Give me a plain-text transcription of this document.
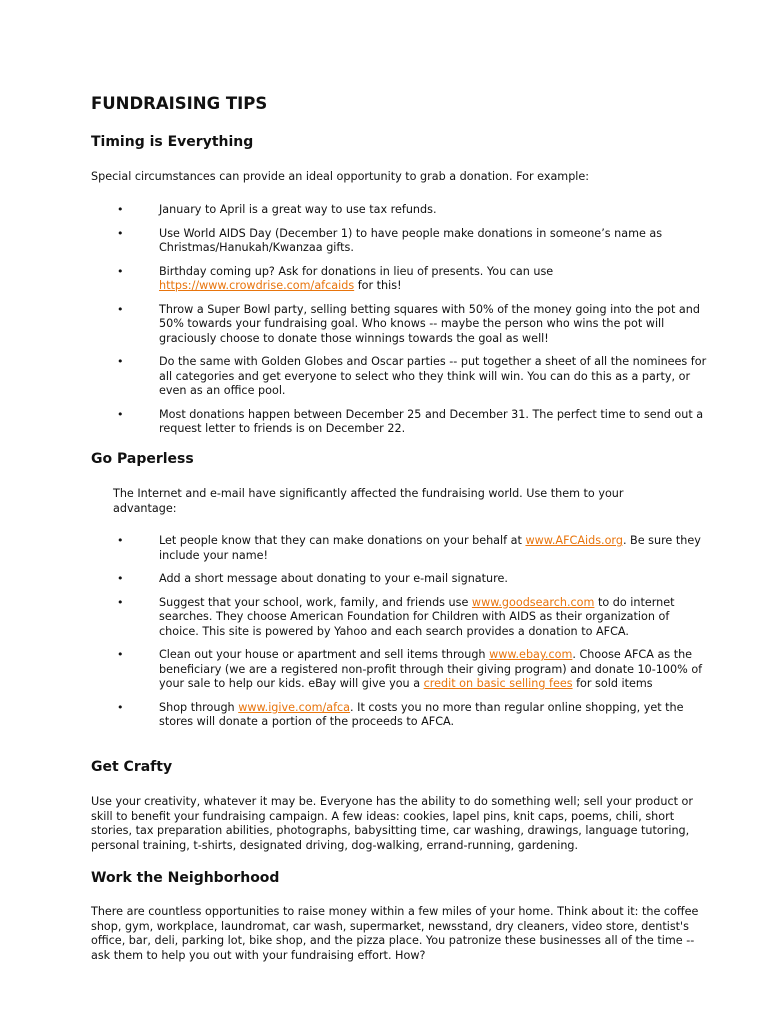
FUNDRAISING TIPS
Timing is Everything

Special circumstances can provide an ideal opportunity to grab a donation. For example:

• January to April is a great way to use tax refunds.
• Use World AIDS Day (December 1) to have people make donations in someone’s name as Christmas/Hanukah/Kwanzaa gifts.
• Birthday coming up? Ask for donations in lieu of presents. You can use https://www.crowdrise.com/afcaids for this!
• Throw a Super Bowl party, selling betting squares with 50% of the money going into the pot and 50% towards your fundraising goal. Who knows -- maybe the person who wins the pot will graciously choose to donate those winnings towards the goal as well!
• Do the same with Golden Globes and Oscar parties -- put together a sheet of all the nominees for all categories and get everyone to select who they think will win. You can do this as a party, or even as an office pool.
• Most donations happen between December 25 and December 31. The perfect time to send out a request letter to friends is on December 22.
Go Paperless

The Internet and e-mail have significantly affected the fundraising world. Use them to your advantage:

• Let people know that they can make donations on your behalf at www.AFCAids.org. Be sure they include your name!
• Add a short message about donating to your e-mail signature.
• Suggest that your school, work, family, and friends use www.goodsearch.com to do internet searches. They choose American Foundation for Children with AIDS as their organization of choice. This site is powered by Yahoo and each search provides a donation to AFCA.
• Clean out your house or apartment and sell items through www.ebay.com. Choose AFCA as the beneficiary (we are a registered non-profit through their giving program) and donate 10-100% of your sale to help our kids. eBay will give you a credit on basic selling fees for sold items
• Shop through www.igive.com/afca. It costs you no more than regular online shopping, yet the stores will donate a portion of the proceeds to AFCA.
Get Crafty

Use your creativity, whatever it may be. Everyone has the ability to do something well; sell your product or skill to benefit your fundraising campaign. A few ideas: cookies, lapel pins, knit caps, poems, chili, short stories, tax preparation abilities, photographs, babysitting time, car washing, drawings, language tutoring, personal training, t-shirts, designated driving, dog-walking, errand-running, gardening.

Work the Neighborhood

There are countless opportunities to raise money within a few miles of your home. Think about it: the coffee shop, gym, workplace, laundromat, car wash, supermarket, newsstand, dry cleaners, video store, dentist's office, bar, deli, parking lot, bike shop, and the pizza place. You patronize these businesses all of the time -- ask them to help you out with your fundraising effort. How?
